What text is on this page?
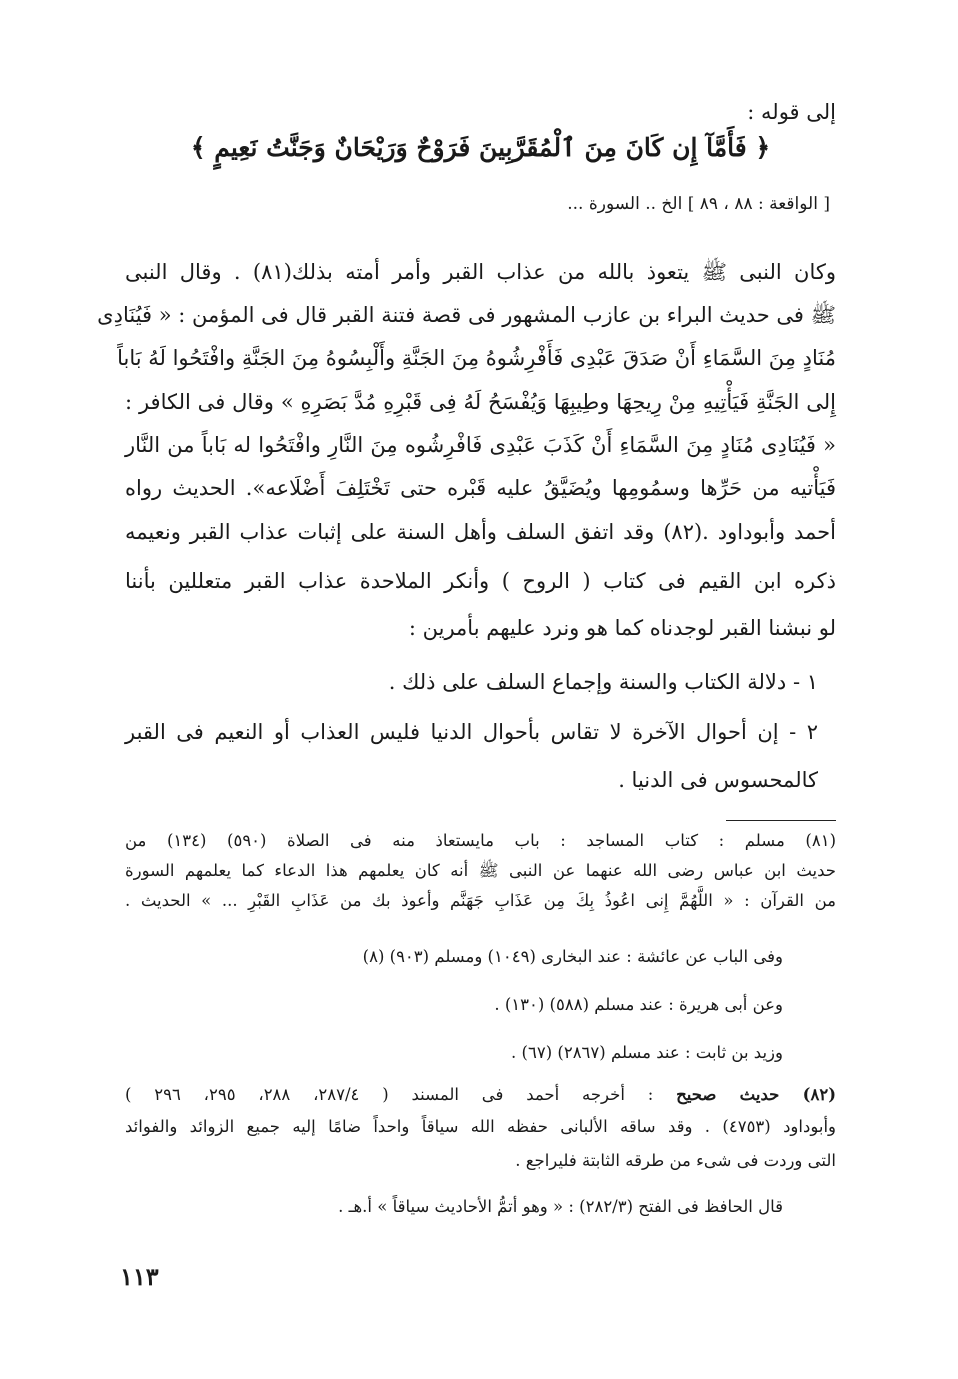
إلى قوله :
﴿ فَأَمَّآ إِن كَانَ مِنَ ٱلْمُقَرَّبِينَ فَرَوْحٌ وَرَيْحَانٌ وَجَنَّتُ نَعِيمٍ ﴾
[ الواقعة : ٨٨ ، ٨٩ ] الخ .. السورة ...
وكان النبى ﷺ يتعوذ بالله من عذاب القبر وأمر أمته بذلك(٨١) . وقال النبى
ﷺ فى حديث البراء بن عازب المشهور فى قصة فتنة القبر قال فى المؤمن : « فَيُنَادِى
مُنَادٍ مِنَ السَّمَاءِ أَنْ صَدَقَ عَبْدِى فَأَفْرِشُوهُ مِنَ الجَنَّةِ وأَلْبِسُوهُ مِنَ الجَنَّةِ وافْتَحُوا لَهُ بَاباً
إِلى الجَنَّةِ فَيَأْتِيهِ مِنْ رِيحِهَا وطِيبِهَا وَيُفْسَحُ لَهُ فِى قَبْرِهِ مُدَّ بَصَرِهِ » وقال فى الكافر :
« فَيُنَادِى مُنَادٍ مِنَ السَّمَاءِ أَنْ كَذَبَ عَبْدِى فَافْرِشُوه مِنَ النَّارِ وافْتَحُوا له بَاباً من النَّار
فَيَأْتيه من حَرِّها وسمُومِها ويُضَيَّقُ عليه قَبْره حتى تَخْتَلِفَ أَضْلَاعه». الحديث رواه
أحمد وأبوداود .(٨٢) وقد اتفق السلف وأهل السنة على إثبات عذاب القبر ونعيمه
ذكره ابن القيم فى كتاب ( الروح ) وأنكر الملاحدة عذاب القبر متعللين بأننا
لو نبشنا القبر لوجدناه كما هو ونرد عليهم بأمرين :
١ - دلالة الكتاب والسنة وإجماع السلف على ذلك .
٢ - إن أحوال الآخرة لا تقاس بأحوال الدنيا فليس العذاب أو النعيم فى القبر
كالمحسوس فى الدنيا .
(٨١) مسلم : كتاب المساجد : باب مايستعاذ منه فى الصلاة (٥٩٠) (١٣٤) من
حديث ابن عباس رضى الله عنهما عن النبى ﷺ أنه كان يعلمهم هذا الدعاء كما يعلمهم السورة
من القرآن : « اللَّهُمَّ إِنى اعُوذُ بِكَ مِن عَذَابِ جَهَنَّم وأعوذ بك من عَذَابِ القَبْرِ ... » الحديث .
وفى الباب عن عائشة : عند البخارى (١٠٤٩) ومسلم (٩٠٣) (٨)
وعن أبى هريرة : عند مسلم (٥٨٨) (١٣٠) .
وزيد بن ثابت : عند مسلم (٢٨٦٧) (٦٧) .
(٨٢) حديث صحيح : أخرجه أحمد فى المسند ( ٢٨٧/٤، ٢٨٨، ٢٩٥، ٢٩٦ )
وأبوداود (٤٧٥٣) . وقد ساقه الألبانى حفظه الله سياقاً واحداً ضامًا إليه جميع الزوائد والفوائد
التى وردت فى شىء من طرقه الثابتة فليراجع .
قال الحافظ فى الفتح (٢٨٢/٣) : « وهو أتمُّ الأحاديث سياقاً » أ.هـ .
١١٣
